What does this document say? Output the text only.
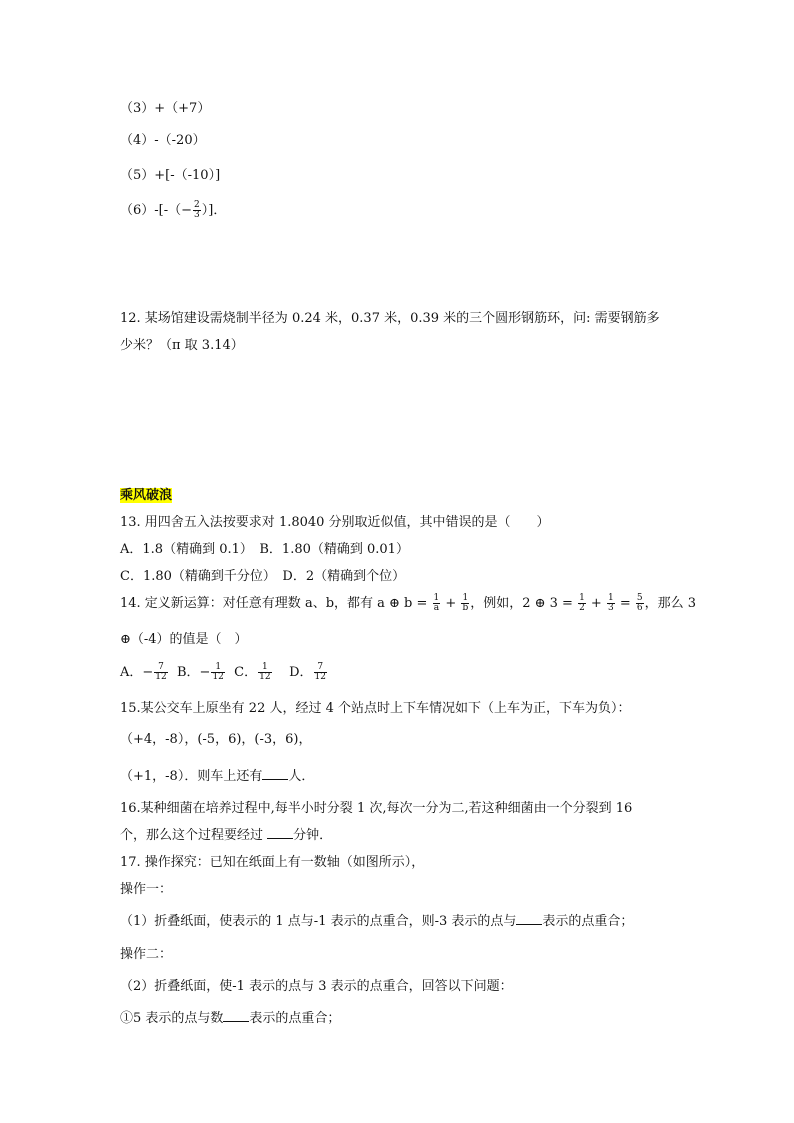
（3）+（+7）
（4）-（-20）
（5）+[-（-10）]
$(6)-[-(- \frac{2}{3}$ ）]．
12. 某场馆建设需烧制半径为 0.24 米，0.37 米，0.39 米的三个圆形钢筋环，问: 需要钢筋多
少米？（π 取 3.14）
乘风破浪
13. 用四舍五入法按要求对 1.8040 分别取近似值，其中错误的是（　　）
A．1.8（精确到 0.1）　B．1.80（精确到 0.01）
C．1.80（精确到千分位）　D．2（精确到个位）
14. 定义新运算：对任意有理数 a、b，都有 a ⊕ $b = \frac{1}{a} + \frac{1}{b}$ ，例如，2 ⊕ $3 = \frac{1}{2} + \frac{1}{3} = \frac{5}{6}$ ，那么 3
⊕（-4）的值是（　）
A．− $\frac{7}{12}$ B．− $\frac{1}{12}$ C． $\frac{1}{12}$ D． $\frac{7}{12}$
15.某公交车上原坐有 22 人，经过 4 个站点时上下车情况如下（上车为正，下车为负）：
（+4，-8），(-5，6)，(-3，6)，
（+1，-8）．则车上还有 人．
16.某种细菌在培养过程中,每半小时分裂 1 次,每次一分为二,若这种细菌由一个分裂到 16
个，那么这个过程要经过 分钟．
17. 操作探究：已知在纸面上有一数轴（如图所示），
操作一：
（1）折叠纸面，使表示的 1 点与-1 表示的点重合，则-3 表示的点与 表示的点重合；
操作二：
（2）折叠纸面，使-1 表示的点与 3 表示的点重合，回答以下问题：
①5 表示的点与数 表示的点重合；
